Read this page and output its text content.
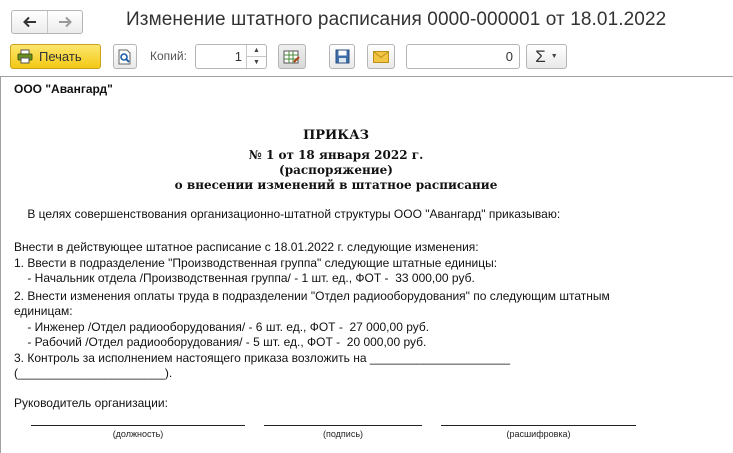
Изменение штатного расписания 0000-000001 от 18.01.2022
Печать	Копий:	1	▲
▼	0	Σ ▼
ООО "Авангард"
ПРИКАЗ
№ 1 от 18 января 2022 г.
(распоряжение)
о внесении изменений в штатное расписание
В целях совершенствования организационно-штатной структуры ООО "Авангард" приказываю:
Внести в действующее штатное расписание с 18.01.2022 г. следующие изменения:
1. Ввести в подразделение "Производственная группа" следующие штатные единицы:
- Начальник отдела /Производственная группа/ - 1 шт. ед., ФОТ -  33 000,00 руб.
2. Внести изменения оплаты труда в подразделении "Отдел радиооборудования" по следующим штатным
единицам:
- Инженер /Отдел радиооборудования/ - 6 шт. ед., ФОТ -  27 000,00 руб.
- Рабочий /Отдел радиооборудования/ - 5 шт. ед., ФОТ -  20 000,00 руб.
3. Контроль за исполнением настоящего приказа возложить на _____________________
(______________________).
Руководитель организации:
(должность)	(подпись)	(расшифровка)
